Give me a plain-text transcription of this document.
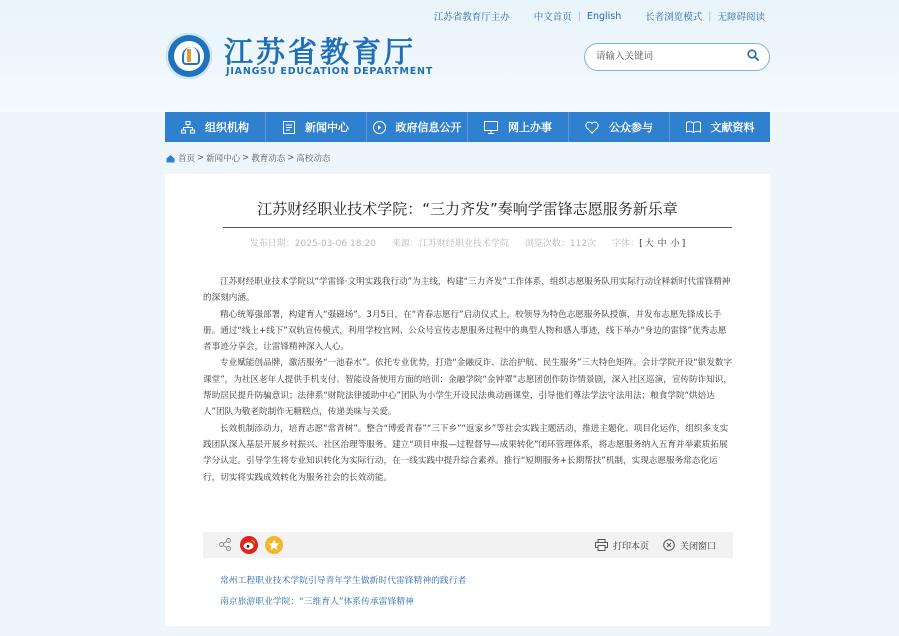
江苏省教育厅主办	中文首页 | English	长者浏览模式 | 无障碍阅读
江苏省教育厅
JIANGSU EDUCATION DEPARTMENT
请输入关键词
组织机构	新闻中心	政府信息公开	网上办事	公众参与	文献资料
首页 > 新闻中心 > 教育动态 > 高校动态
江苏财经职业技术学院：“三力齐发”奏响学雷锋志愿服务新乐章
发布日期：2025-03-06 18:20 来源：江苏财经职业技术学院 浏览次数：112次 字体：[ 大 中 小 ]

江苏财经职业技术学院以“学雷锋·文明实践我行动”为主线，构建“三力齐发”工作体系，组织志愿服务队用实际行动诠释新时代雷锋精神的深刻内涵。

精心统筹强部署，构建育人“强磁场”。3月5日，在“青春志愿行”启动仪式上，校领导为特色志愿服务队授旗，并发布志愿先锋成长手册。通过“线上+线下”双轨宣传模式，利用学校官网、公众号宣传志愿服务过程中的典型人物和感人事迹，线下举办“身边的雷锋”优秀志愿者事迹分享会，让雷锋精神深入人心。

专业赋能创品牌，激活服务“一池春水”。依托专业优势，打造“金融反诈、法治护航、民生服务”三大特色矩阵。会计学院开设“银发数字课堂”，为社区老年人提供手机支付、智能设备使用方面的培训；金融学院“金钟罩”志愿团创作防诈情景剧，深入社区巡演，宣传防诈知识，帮助居民提升防骗意识；法律系“财院法律援助中心”团队为小学生开设民法典动画课堂，引导他们尊法学法守法用法；粮食学院“烘焙达人”团队为敬老院制作无糖糕点，传递美味与关爱。

长效机制添动力，培育志愿“常青树”。整合“博爱青春”“三下乡”“返家乡”等社会实践主题活动，推进主题化、项目化运作，组织多支实践团队深入基层开展乡村振兴、社区治理等服务。建立“项目申报—过程督导—成果转化”闭环管理体系，将志愿服务纳入五育并举素质拓展学分认定。引导学生将专业知识转化为实际行动，在一线实践中提升综合素养。推行“短期服务+长期帮扶”机制，实现志愿服务常态化运行，切实将实践成效转化为服务社会的长效动能。

打印本页	关闭窗口
常州工程职业技术学院引导青年学生做新时代雷锋精神的践行者
南京旅游职业学院：“三维育人”体系传承雷锋精神
